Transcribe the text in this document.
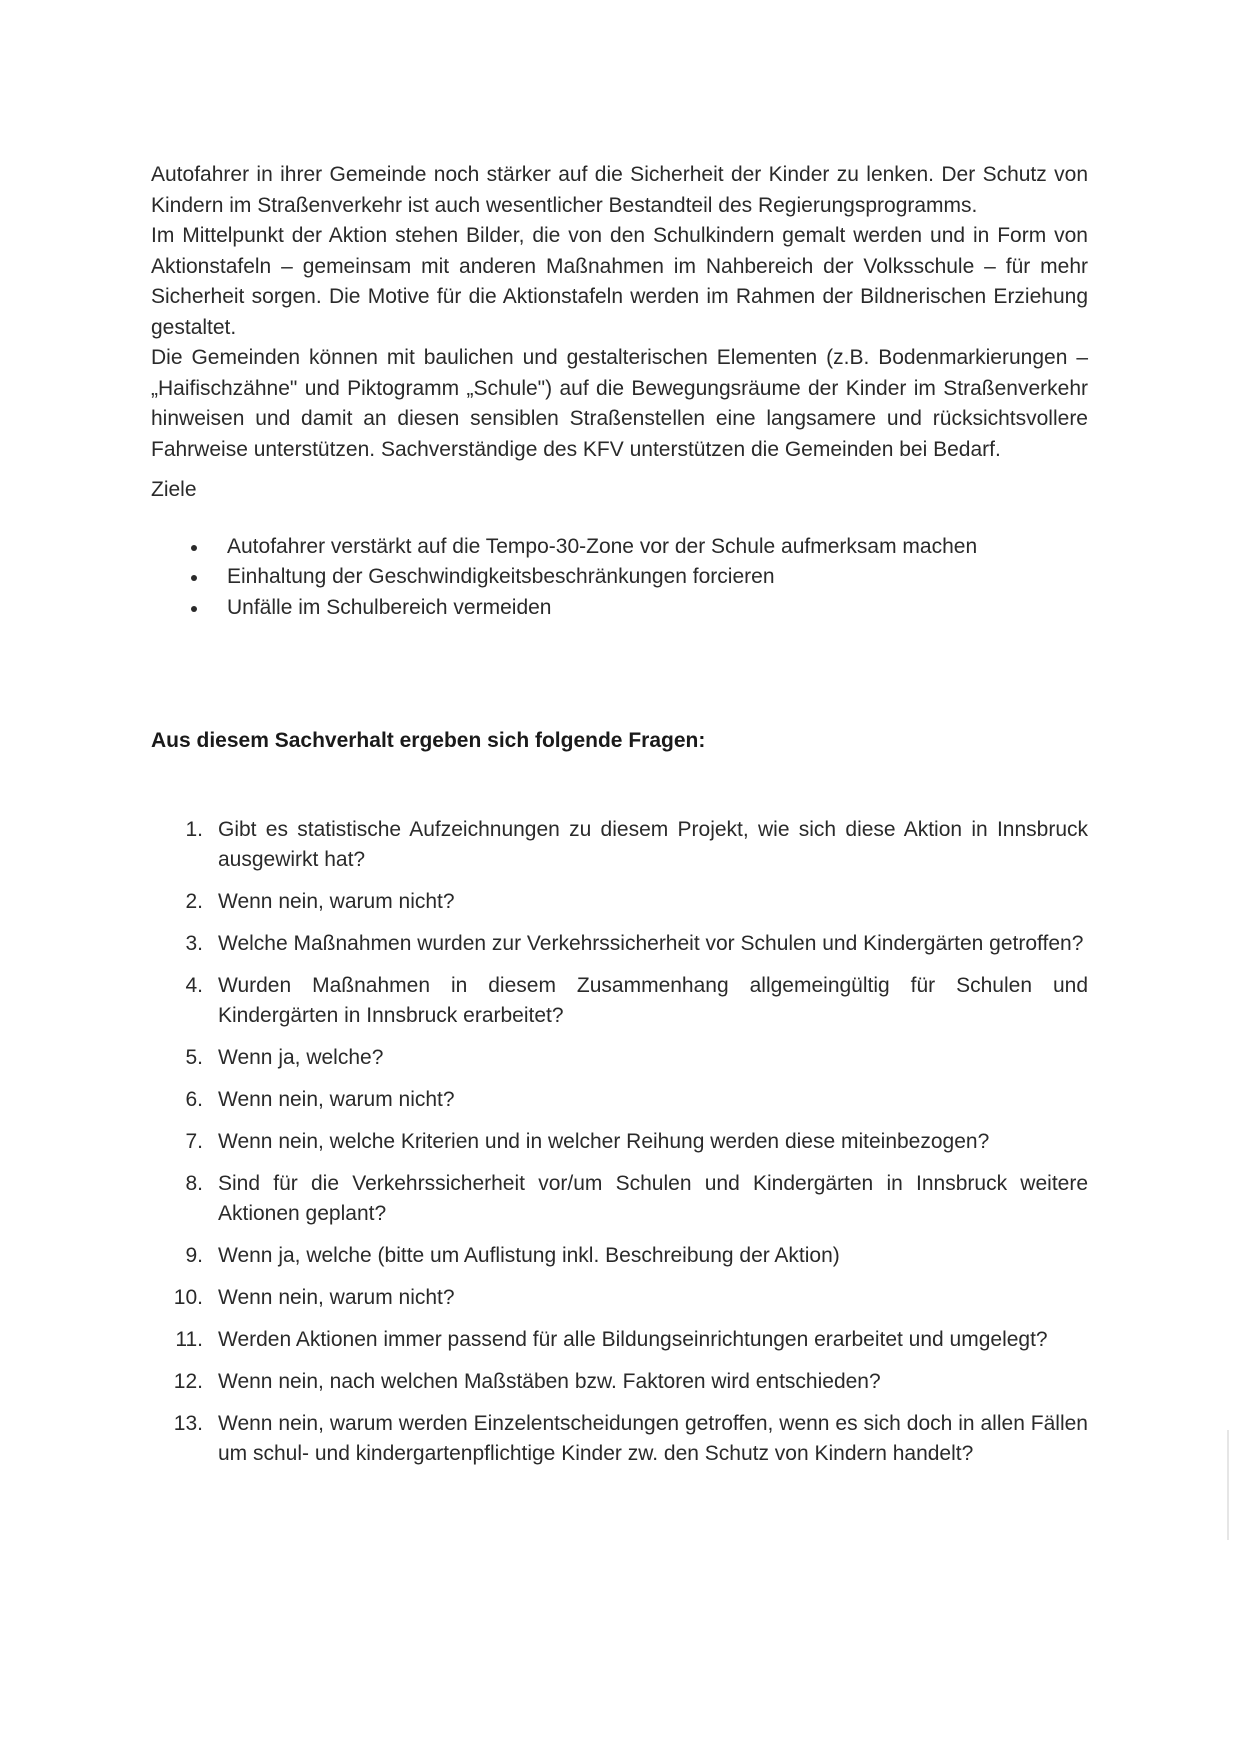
Autofahrer in ihrer Gemeinde noch stärker auf die Sicherheit der Kinder zu lenken. Der Schutz von Kindern im Straßenverkehr ist auch wesentlicher Bestandteil des Regierungsprogramms.

Im Mittelpunkt der Aktion stehen Bilder, die von den Schulkindern gemalt werden und in Form von Aktionstafeln – gemeinsam mit anderen Maßnahmen im Nahbereich der Volksschule – für mehr Sicherheit sorgen. Die Motive für die Aktionstafeln werden im Rahmen der Bildnerischen Erziehung gestaltet.

Die Gemeinden können mit baulichen und gestalterischen Elementen (z.B. Bodenmarkierungen – „Haifischzähne" und Piktogramm „Schule") auf die Bewegungsräume der Kinder im Straßenverkehr hinweisen und damit an diesen sensiblen Straßenstellen eine langsamere und rücksichtsvollere Fahrweise unterstützen. Sachverständige des KFV unterstützen die Gemeinden bei Bedarf.

Ziele

Autofahrer verstärkt auf die Tempo-30-Zone vor der Schule aufmerksam machen
Einhaltung der Geschwindigkeitsbeschränkungen forcieren
Unfälle im Schulbereich vermeiden

Aus diesem Sachverhalt ergeben sich folgende Fragen:

1. Gibt es statistische Aufzeichnungen zu diesem Projekt, wie sich diese Aktion in Innsbruck ausgewirkt hat?
2. Wenn nein, warum nicht?
3. Welche Maßnahmen wurden zur Verkehrssicherheit vor Schulen und Kindergärten getroffen?
4. Wurden Maßnahmen in diesem Zusammenhang allgemeingültig für Schulen und Kindergärten in Innsbruck erarbeitet?
5. Wenn ja, welche?
6. Wenn nein, warum nicht?
7. Wenn nein, welche Kriterien und in welcher Reihung werden diese miteinbezogen?
8. Sind für die Verkehrssicherheit vor/um Schulen und Kindergärten in Innsbruck weitere Aktionen geplant?
9. Wenn ja, welche (bitte um Auflistung inkl. Beschreibung der Aktion)
10. Wenn nein, warum nicht?
11. Werden Aktionen immer passend für alle Bildungseinrichtungen erarbeitet und umgelegt?
12. Wenn nein, nach welchen Maßstäben bzw. Faktoren wird entschieden?
13. Wenn nein, warum werden Einzelentscheidungen getroffen, wenn es sich doch in allen Fällen um schul- und kindergartenpflichtige Kinder zw. den Schutz von Kindern handelt?
